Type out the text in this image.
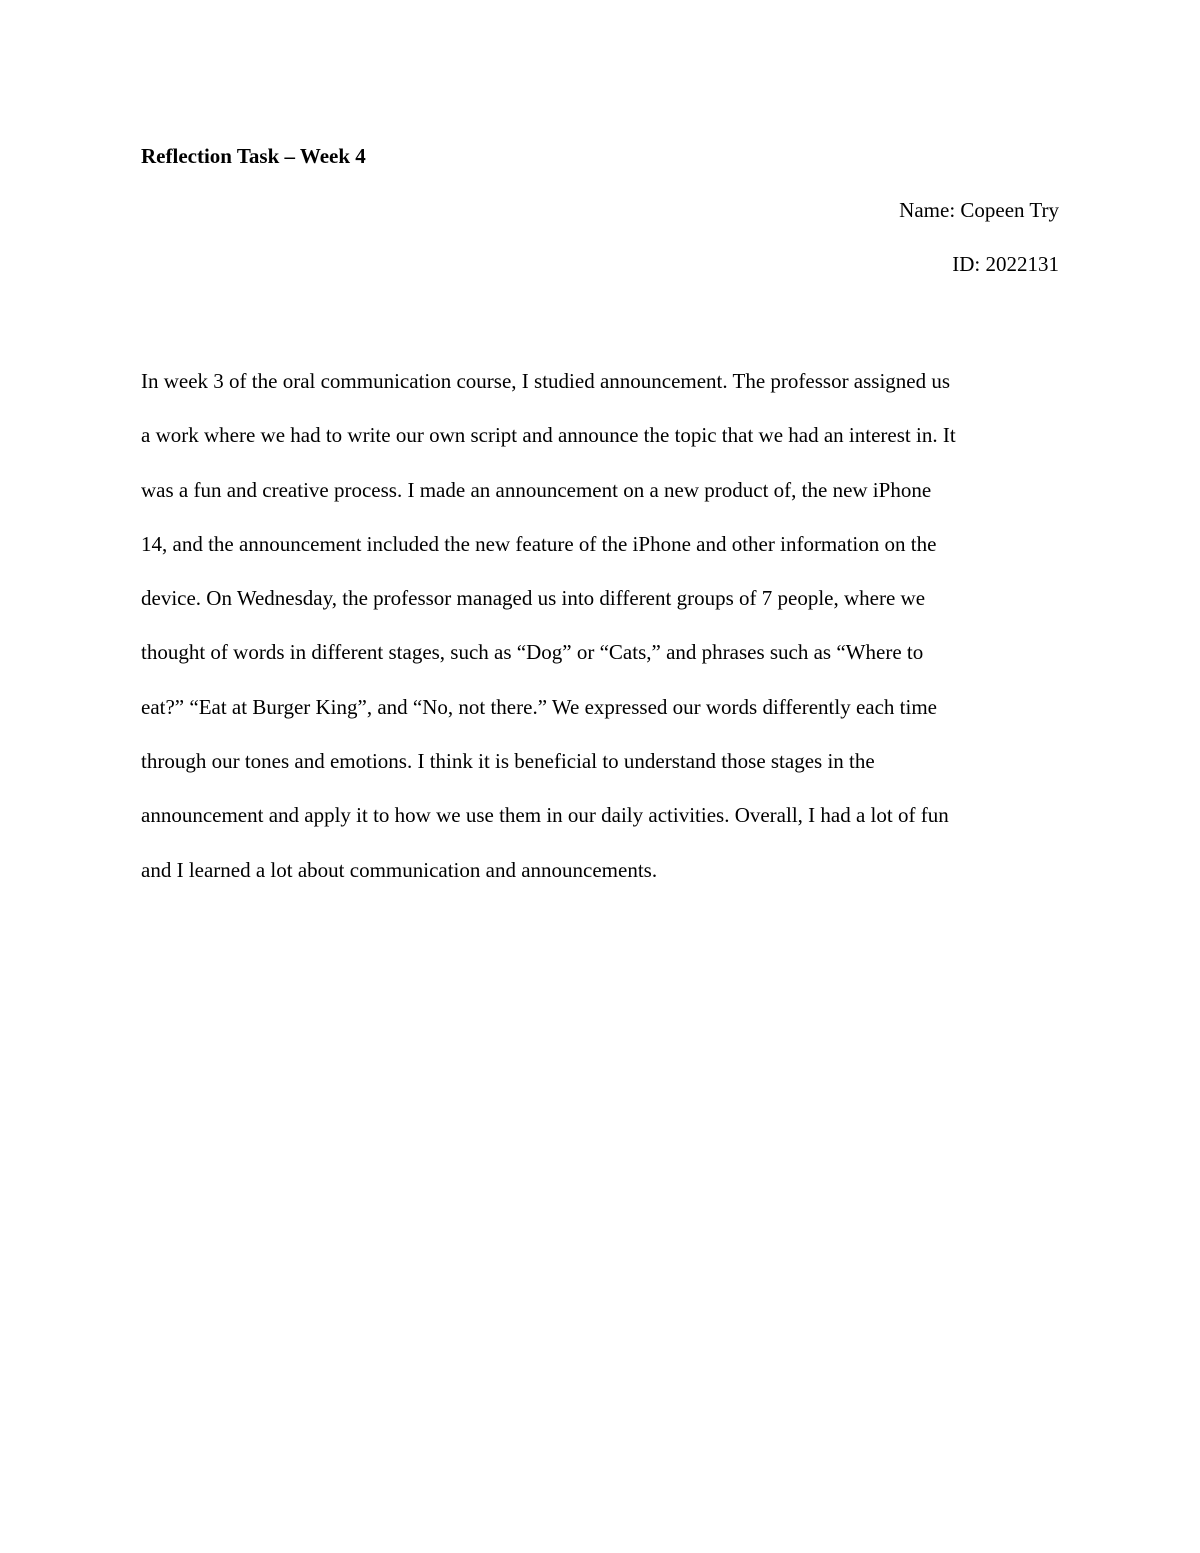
Reflection Task – Week 4

Name: Copeen Try

ID: 2022131

In week 3 of the oral communication course, I studied announcement. The professor assigned us
a work where we had to write our own script and announce the topic that we had an interest in. It
was a fun and creative process. I made an announcement on a new product of, the new iPhone
14, and the announcement included the new feature of the iPhone and other information on the
device. On Wednesday, the professor managed us into different groups of 7 people, where we
thought of words in different stages, such as “Dog” or “Cats,” and phrases such as “Where to
eat?” “Eat at Burger King”, and “No, not there.” We expressed our words differently each time
through our tones and emotions. I think it is beneficial to understand those stages in the
announcement and apply it to how we use them in our daily activities. Overall, I had a lot of fun
and I learned a lot about communication and announcements.
